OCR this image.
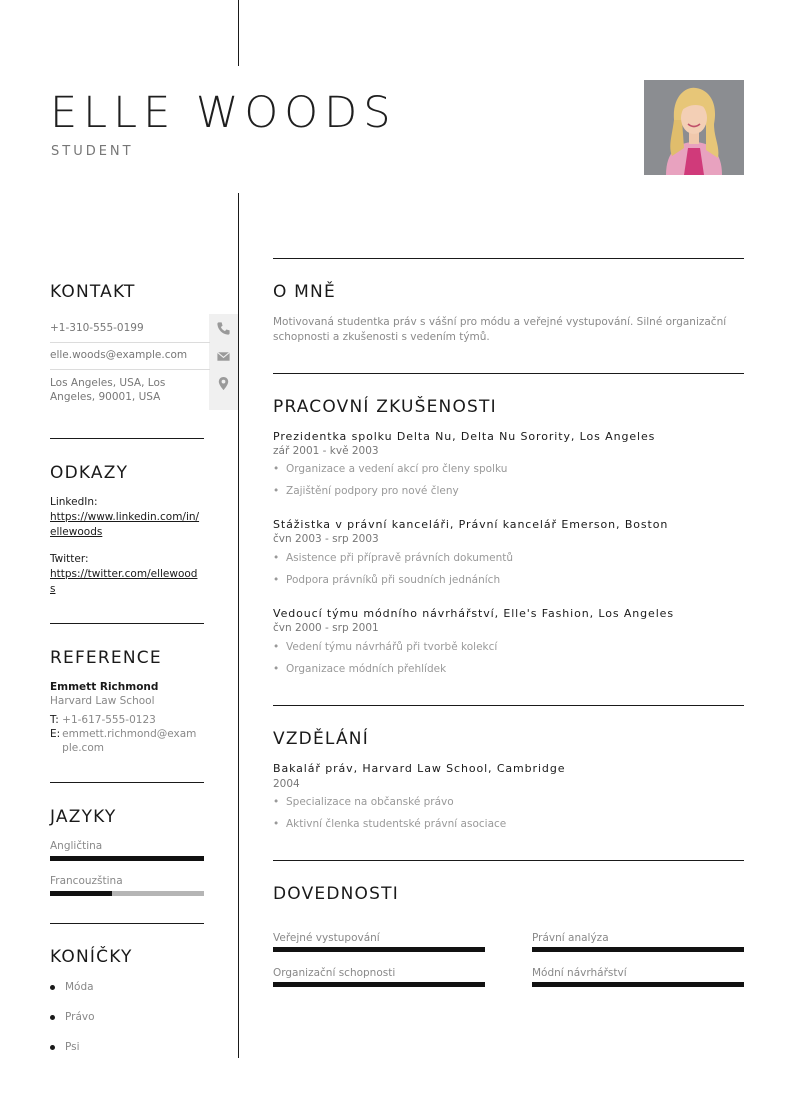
ELLE WOODS
STUDENT
KONTAKT
+1-310-555-0199
elle.woods@example.com
Los Angeles, USA, Los Angeles, 90001, USA
ODKAZY
LinkedIn:
https://www.linkedin.com/in/ellewoods
Twitter:
https://twitter.com/ellewoods
REFERENCE
Emmett Richmond
Harvard Law School
T: +1-617-555-0123
E: emmett.richmond@example.com
JAZYKY
Angličtina
Francouzština
KONÍČKY
Móda
Právo
Psi
O MNĚ
Motivovaná studentka práv s vášní pro módu a veřejné vystupování. Silné organizační schopnosti a zkušenosti s vedením týmů.
PRACOVNÍ ZKUŠENOSTI
Prezidentka spolku Delta Nu, Delta Nu Sorority, Los Angeles
zář 2001 - kvě 2003
• Organizace a vedení akcí pro členy spolku
• Zajištění podpory pro nové členy
Stážistka v právní kanceláři, Právní kancelář Emerson, Boston
čvn 2003 - srp 2003
• Asistence při přípravě právních dokumentů
• Podpora právníků při soudních jednáních
Vedoucí týmu módního návrhářství, Elle's Fashion, Los Angeles
čvn 2000 - srp 2001
• Vedení týmu návrhářů při tvorbě kolekcí
• Organizace módních přehlídek
VZDĚLÁNÍ
Bakalář práv, Harvard Law School, Cambridge
2004
• Specializace na občanské právo
• Aktivní členka studentské právní asociace
DOVEDNOSTI
Veřejné vystupování	Právní analýza
Organizační schopnosti	Módní návrhářství
